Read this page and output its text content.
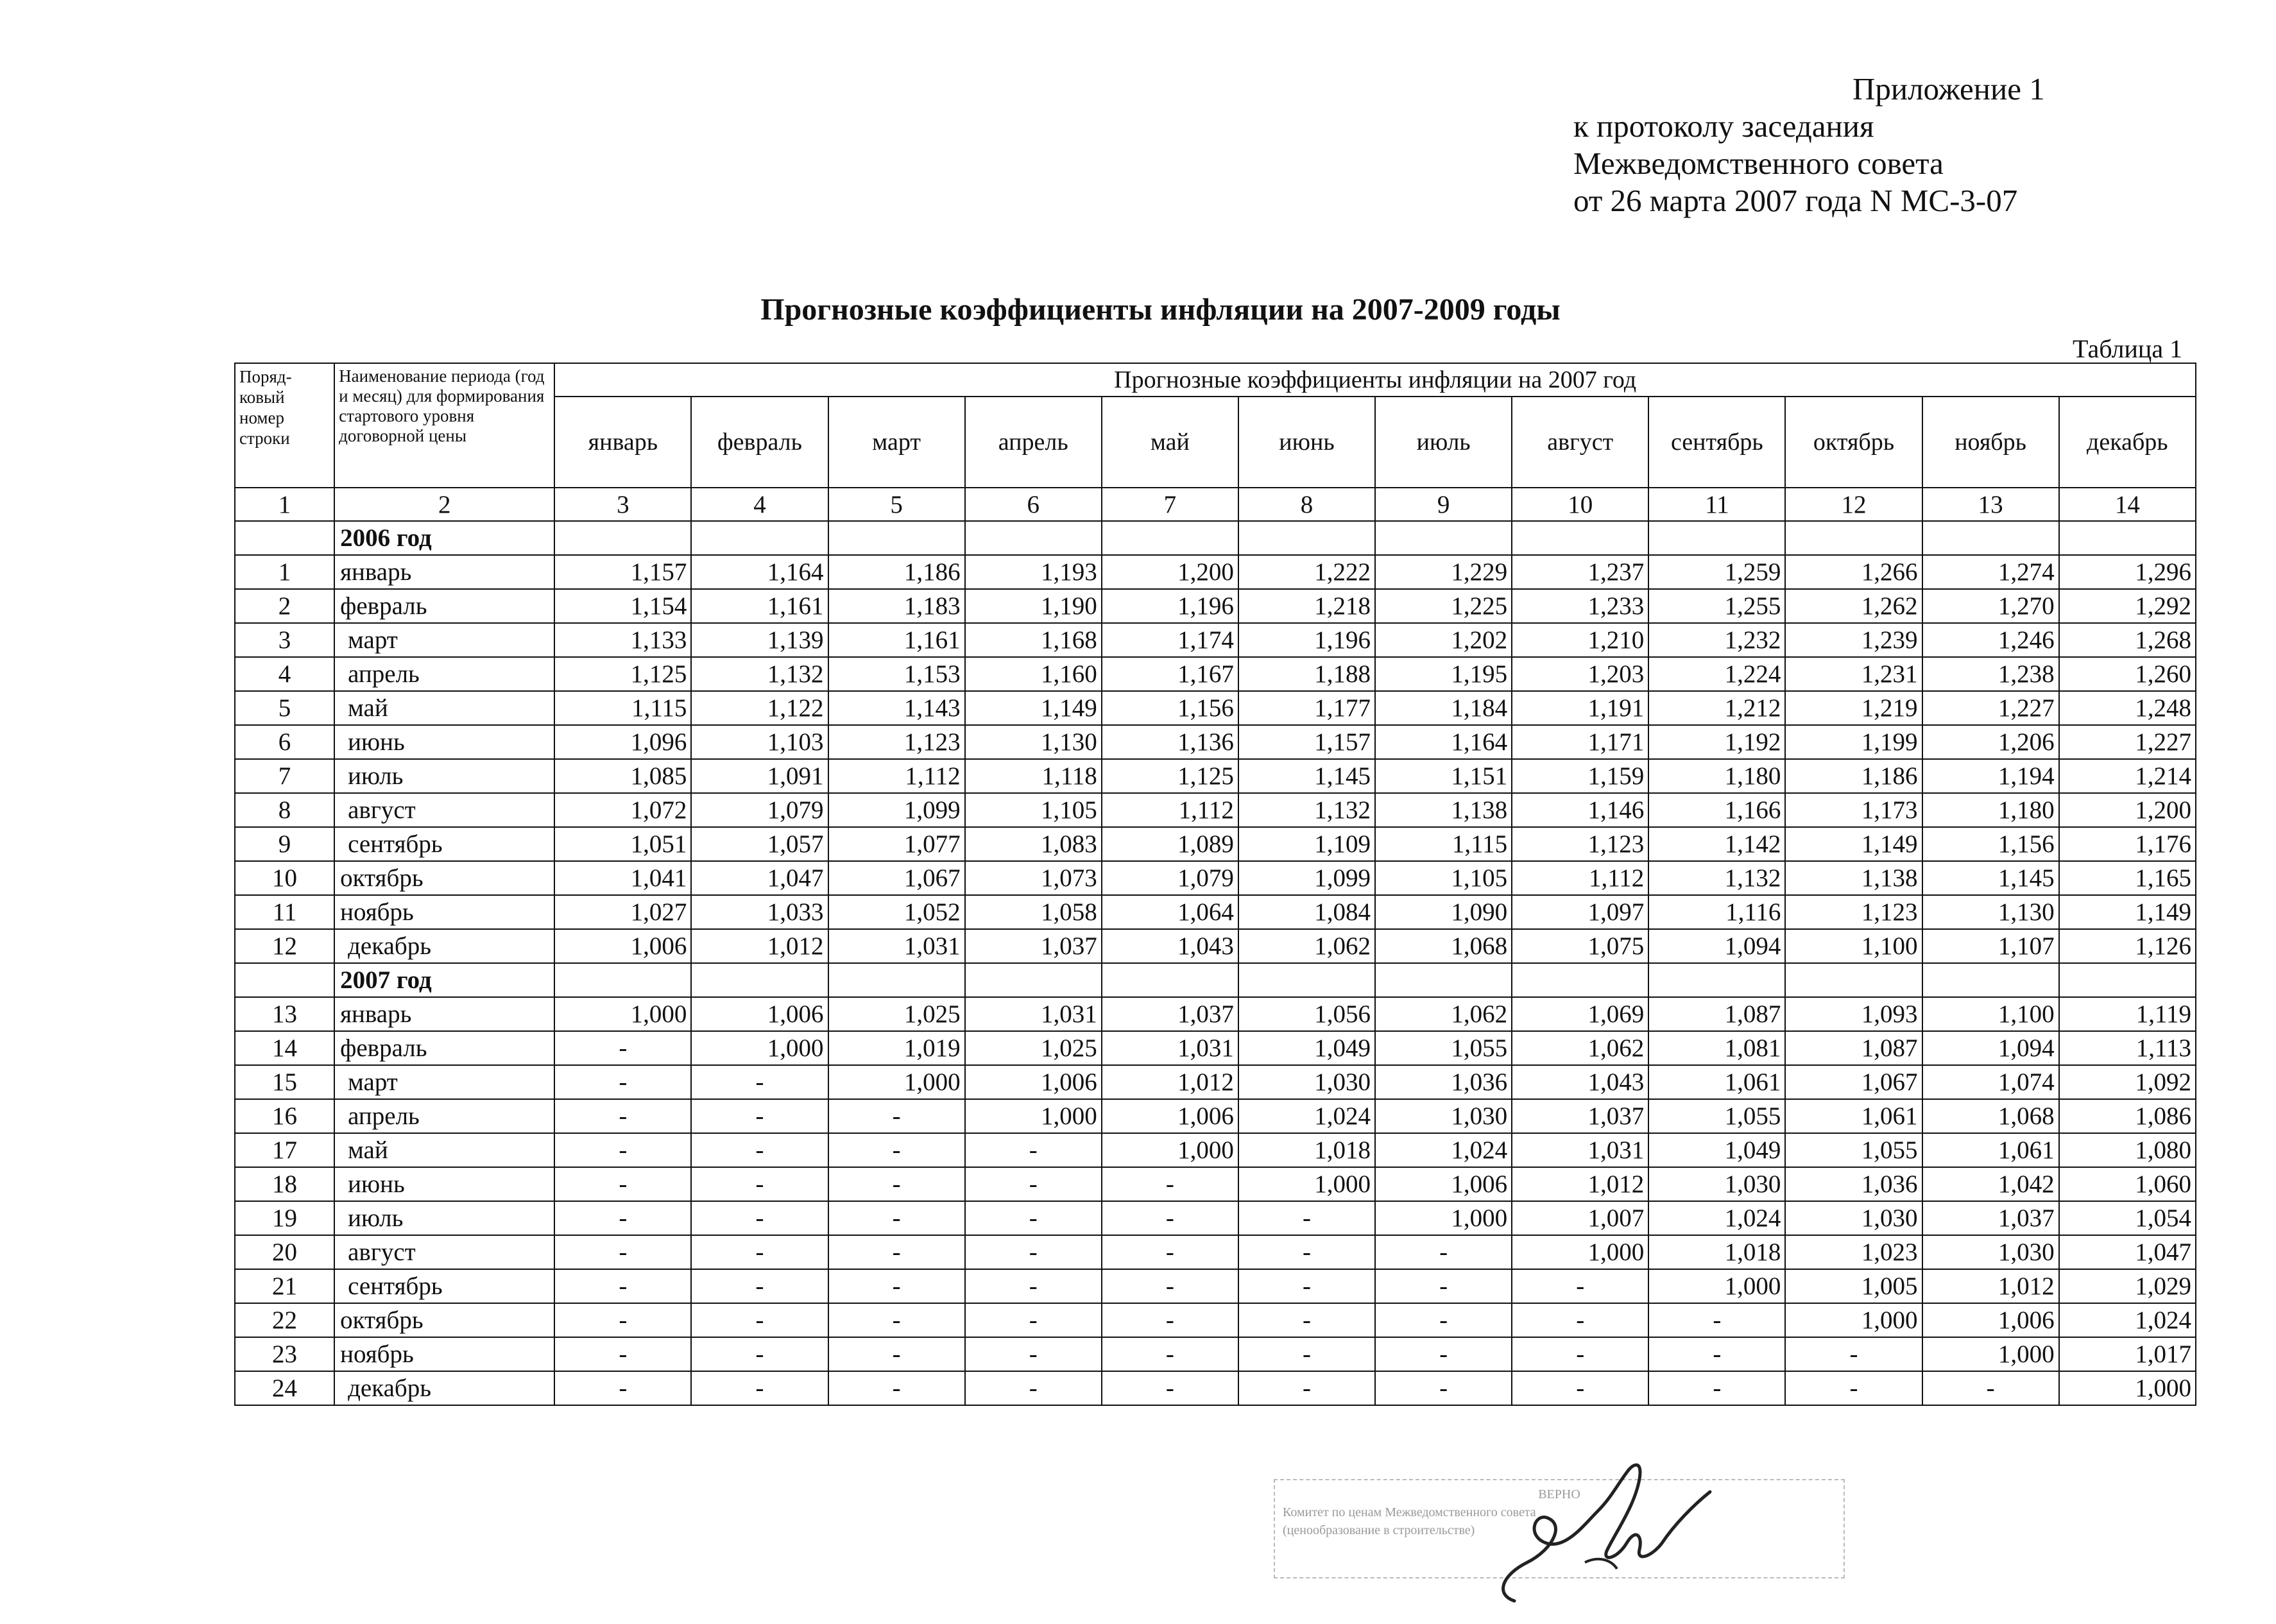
Приложение 1
к протоколу заседания
Межведомственного совета
от 26 марта 2007 года N МС-3-07
Прогнозные коэффициенты инфляции на 2007-2009 годы
Таблица 1
Поряд-ковый номер строки	Наименование периода (год и месяц) для формирования стартового уровня договорной цены	Прогнозные коэффициенты инфляции на 2007 год											
		январь	февраль	март	апрель	май	июнь	июль	август	сентябрь	октябрь	ноябрь	декабрь
1	2	3	4	5	6	7	8	9	10	11	12	13	14
	2006 год												
1	январь	1,157	1,164	1,186	1,193	1,200	1,222	1,229	1,237	1,259	1,266	1,274	1,296
2	февраль	1,154	1,161	1,183	1,190	1,196	1,218	1,225	1,233	1,255	1,262	1,270	1,292
3	март	1,133	1,139	1,161	1,168	1,174	1,196	1,202	1,210	1,232	1,239	1,246	1,268
4	апрель	1,125	1,132	1,153	1,160	1,167	1,188	1,195	1,203	1,224	1,231	1,238	1,260
5	май	1,115	1,122	1,143	1,149	1,156	1,177	1,184	1,191	1,212	1,219	1,227	1,248
6	июнь	1,096	1,103	1,123	1,130	1,136	1,157	1,164	1,171	1,192	1,199	1,206	1,227
7	июль	1,085	1,091	1,112	1,118	1,125	1,145	1,151	1,159	1,180	1,186	1,194	1,214
8	август	1,072	1,079	1,099	1,105	1,112	1,132	1,138	1,146	1,166	1,173	1,180	1,200
9	сентябрь	1,051	1,057	1,077	1,083	1,089	1,109	1,115	1,123	1,142	1,149	1,156	1,176
10	октябрь	1,041	1,047	1,067	1,073	1,079	1,099	1,105	1,112	1,132	1,138	1,145	1,165
11	ноябрь	1,027	1,033	1,052	1,058	1,064	1,084	1,090	1,097	1,116	1,123	1,130	1,149
12	декабрь	1,006	1,012	1,031	1,037	1,043	1,062	1,068	1,075	1,094	1,100	1,107	1,126
	2007 год												
13	январь	1,000	1,006	1,025	1,031	1,037	1,056	1,062	1,069	1,087	1,093	1,100	1,119
14	февраль	-	1,000	1,019	1,025	1,031	1,049	1,055	1,062	1,081	1,087	1,094	1,113
15	март	-	-	1,000	1,006	1,012	1,030	1,036	1,043	1,061	1,067	1,074	1,092
16	апрель	-	-	-	1,000	1,006	1,024	1,030	1,037	1,055	1,061	1,068	1,086
17	май	-	-	-	-	1,000	1,018	1,024	1,031	1,049	1,055	1,061	1,080
18	июнь	-	-	-	-	-	1,000	1,006	1,012	1,030	1,036	1,042	1,060
19	июль	-	-	-	-	-	-	1,000	1,007	1,024	1,030	1,037	1,054
20	август	-	-	-	-	-	-	-	1,000	1,018	1,023	1,030	1,047
21	сентябрь	-	-	-	-	-	-	-	-	1,000	1,005	1,012	1,029
22	октябрь	-	-	-	-	-	-	-	-	-	1,000	1,006	1,024
23	ноябрь	-	-	-	-	-	-	-	-	-	-	1,000	1,017
24	декабрь	-	-	-	-	-	-	-	-	-	-	-	1,000
ВЕРНО
Комитет по ценам Межведомственного совета
(ценообразование в строительстве)
